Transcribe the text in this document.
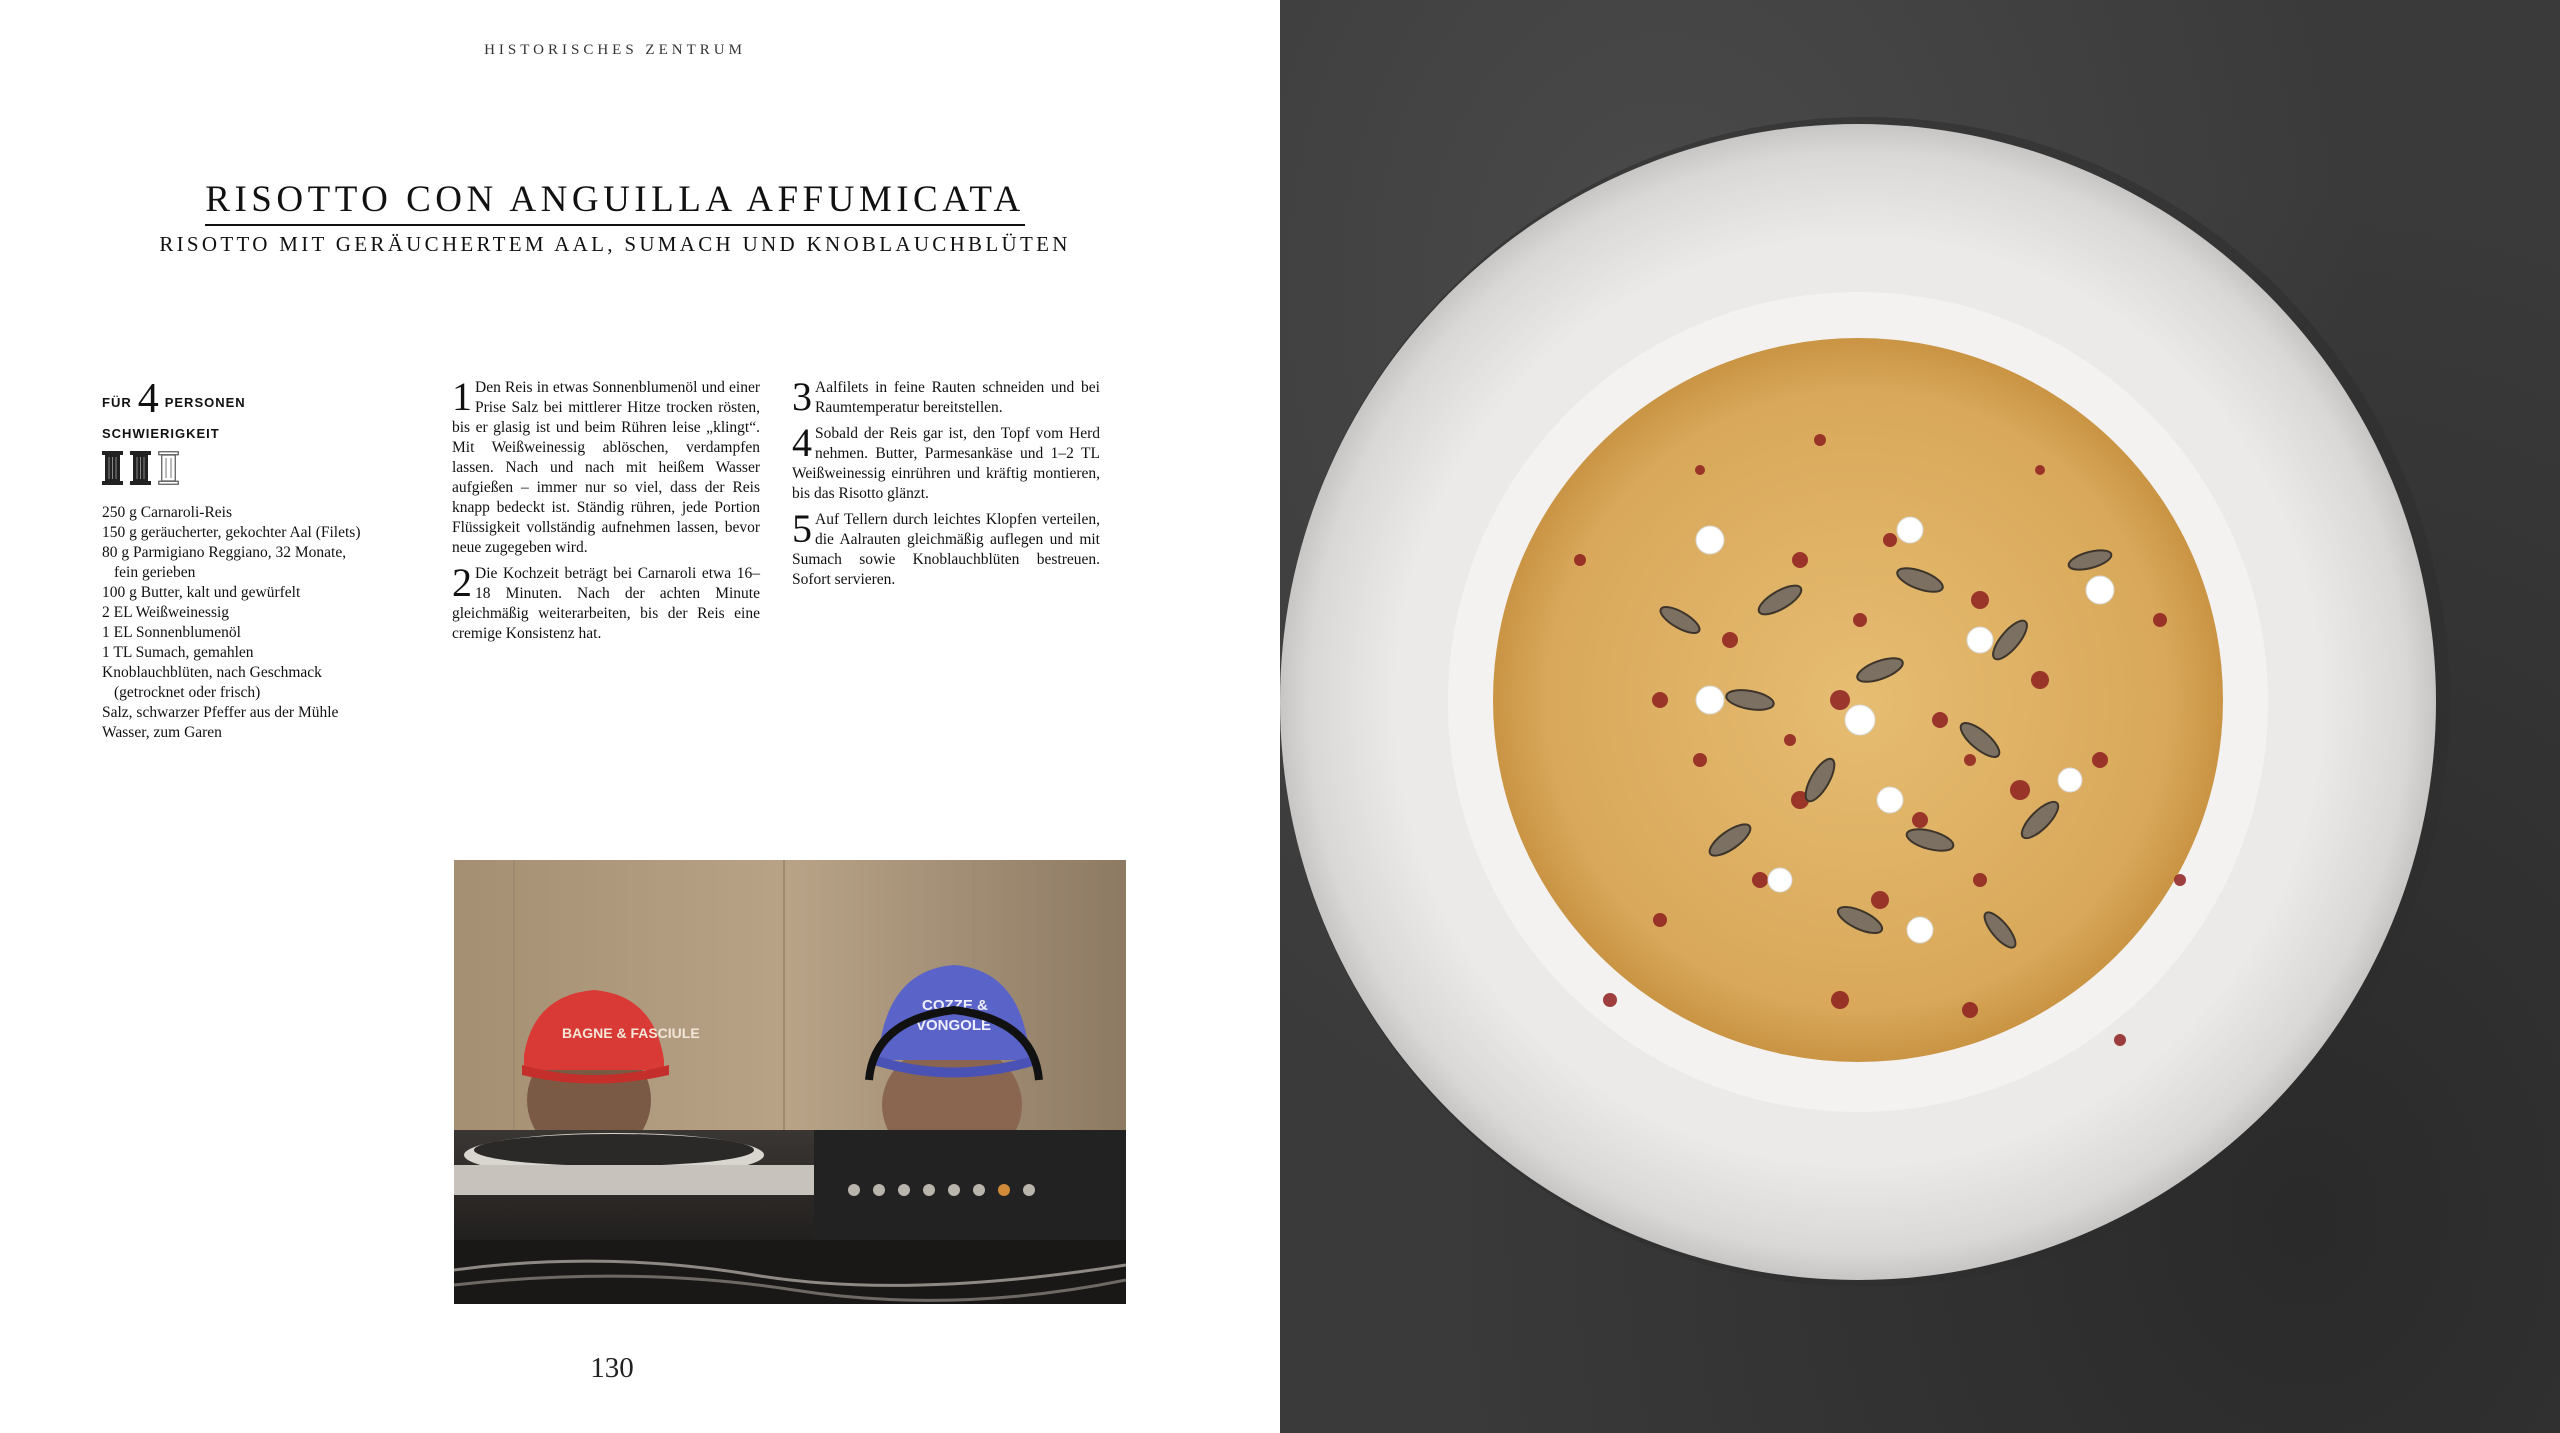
HISTORISCHES ZENTRUM
RISOTTO CON ANGUILLA AFFUMICATA
RISOTTO MIT GERÄUCHERTEM AAL, SUMACH UND KNOBLAUCHBLÜTEN
FÜR 4 PERSONEN
SCHWIERIGKEIT
250 g Carnaroli-Reis
150 g geräucherter, gekochter Aal (Filets)
80 g Parmigiano Reggiano, 32 Monate,
fein gerieben
100 g Butter, kalt und gewürfelt
2 EL Weißweinessig
1 EL Sonnenblumenöl
1 TL Sumach, gemahlen
Knoblauchblüten, nach Geschmack
(getrocknet oder frisch)
Salz, schwarzer Pfeffer aus der Mühle
Wasser, zum Garen
1 Den Reis in etwas Sonnenblumenöl und einer Prise Salz bei mittlerer Hitze trocken rösten, bis er glasig ist und beim Rühren leise „klingt“. Mit Weißweinessig ablöschen, verdampfen lassen. Nach und nach mit heißem Wasser aufgießen – immer nur so viel, dass der Reis knapp bedeckt ist. Ständig rühren, jede Portion Flüssigkeit vollständig aufnehmen lassen, bevor neue zugegeben wird.
2 Die Kochzeit beträgt bei Carnaroli etwa 16–18 Minuten. Nach der achten Minute gleichmäßig weiterarbeiten, bis der Reis eine cremige Konsistenz hat.
3 Aalfilets in feine Rauten schneiden und bei Raumtemperatur bereitstellen.
4 Sobald der Reis gar ist, den Topf vom Herd nehmen. Butter, Parmesankäse und 1–2 TL Weißweinessig einrühren und kräftig montieren, bis das Risotto glänzt.
5 Auf Tellern durch leichtes Klopfen verteilen, die Aalrauten gleichmäßig auflegen und mit Sumach sowie Knoblauchblüten bestreuen. Sofort servieren.
BAGNE & FASCIULE
COZZE &
VONGOLE
130
